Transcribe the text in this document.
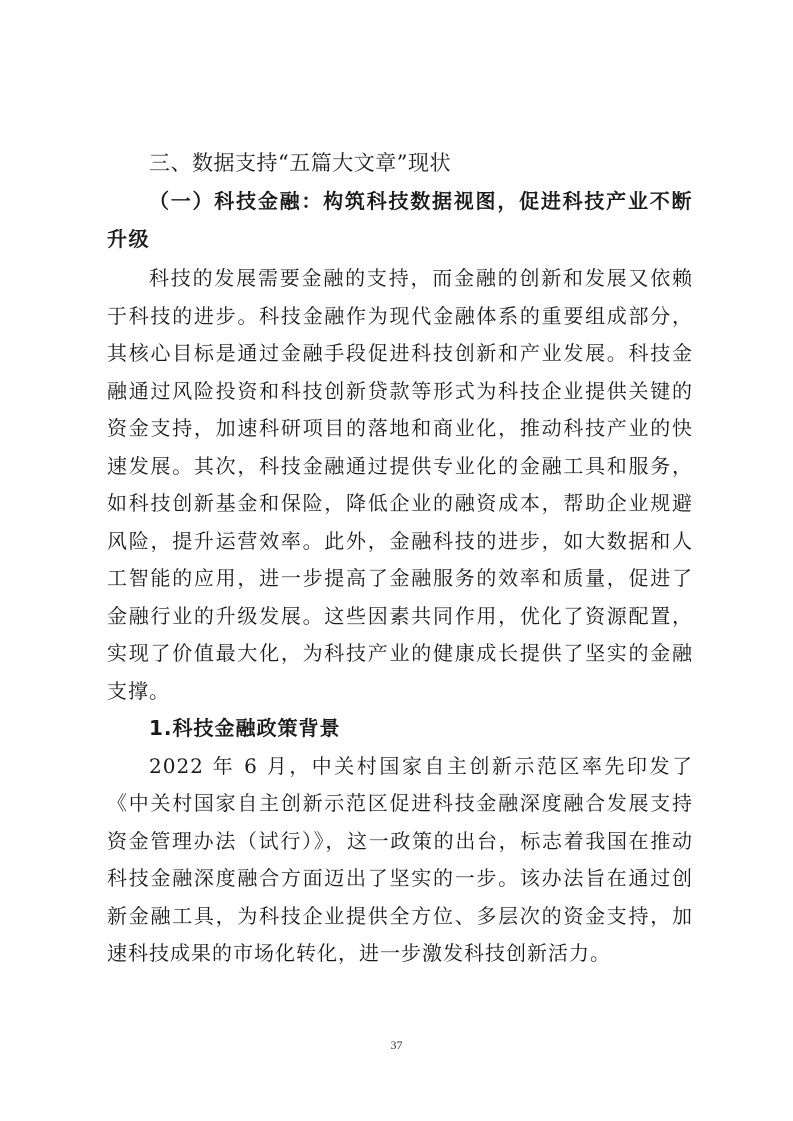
三、数据支持“五篇大文章”现状
（一）科技金融：构筑科技数据视图，促进科技产业不断升级

科技的发展需要金融的支持，而金融的创新和发展又依赖于科技的进步。科技金融作为现代金融体系的重要组成部分，其核心目标是通过金融手段促进科技创新和产业发展。科技金融通过风险投资和科技创新贷款等形式为科技企业提供关键的资金支持，加速科研项目的落地和商业化，推动科技产业的快速发展。其次，科技金融通过提供专业化的金融工具和服务，如科技创新基金和保险，降低企业的融资成本，帮助企业规避风险，提升运营效率。此外，金融科技的进步，如大数据和人工智能的应用，进一步提高了金融服务的效率和质量，促进了金融行业的升级发展。这些因素共同作用，优化了资源配置，实现了价值最大化，为科技产业的健康成长提供了坚实的金融支撑。

1.科技金融政策背景

2022 年 6 月，中关村国家自主创新示范区率先印发了《中关村国家自主创新示范区促进科技金融深度融合发展支持资金管理办法（试行）》，这一政策的出台，标志着我国在推动科技金融深度融合方面迈出了坚实的一步。该办法旨在通过创新金融工具，为科技企业提供全方位、多层次的资金支持，加速科技成果的市场化转化，进一步激发科技创新活力。

37
